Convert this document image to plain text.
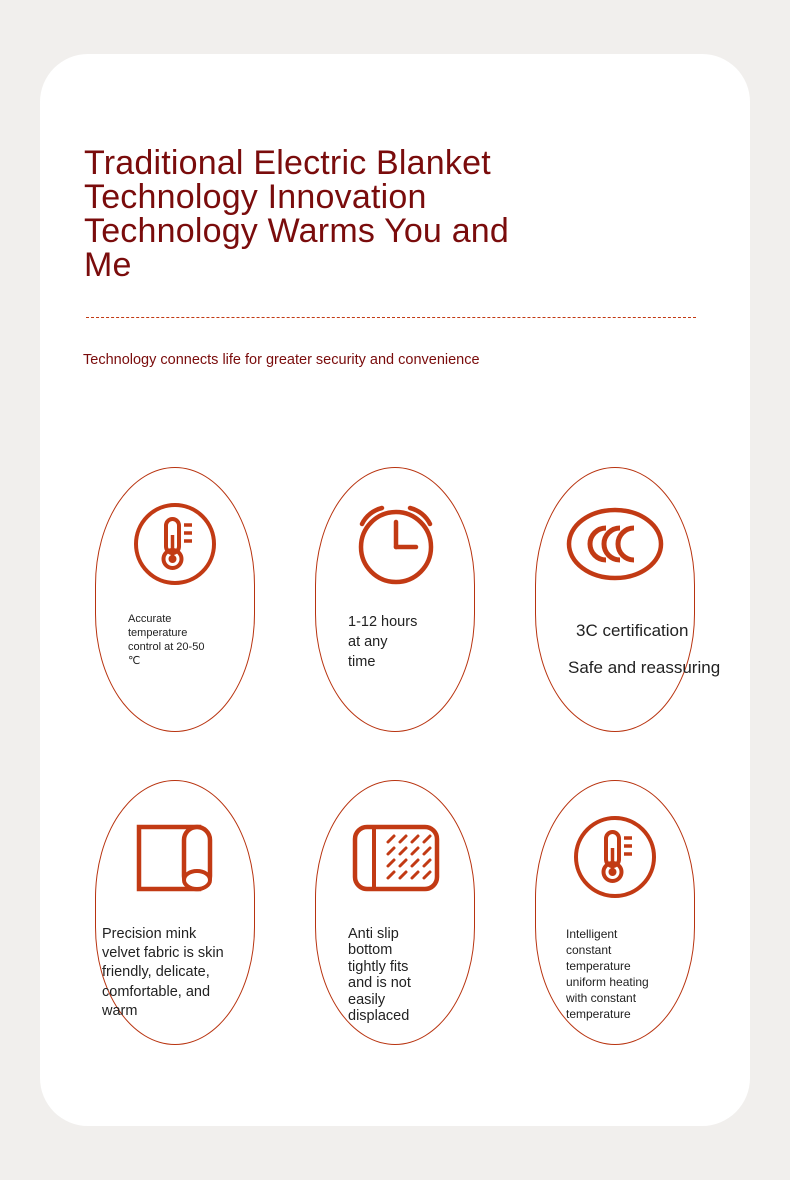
Traditional Electric Blanket
Technology Innovation
Technology Warms You and
Me

Technology connects life for greater security and convenience

Accurate
temperature
control at 20-50
℃

1-12 hours
at any
time

3C certification
Safe and reassuring

Precision mink
velvet fabric is skin
friendly, delicate,
comfortable, and
warm

Anti slip
bottom
tightly fits
and is not
easily
displaced

Intelligent
constant
temperature
uniform heating
with constant
temperature
